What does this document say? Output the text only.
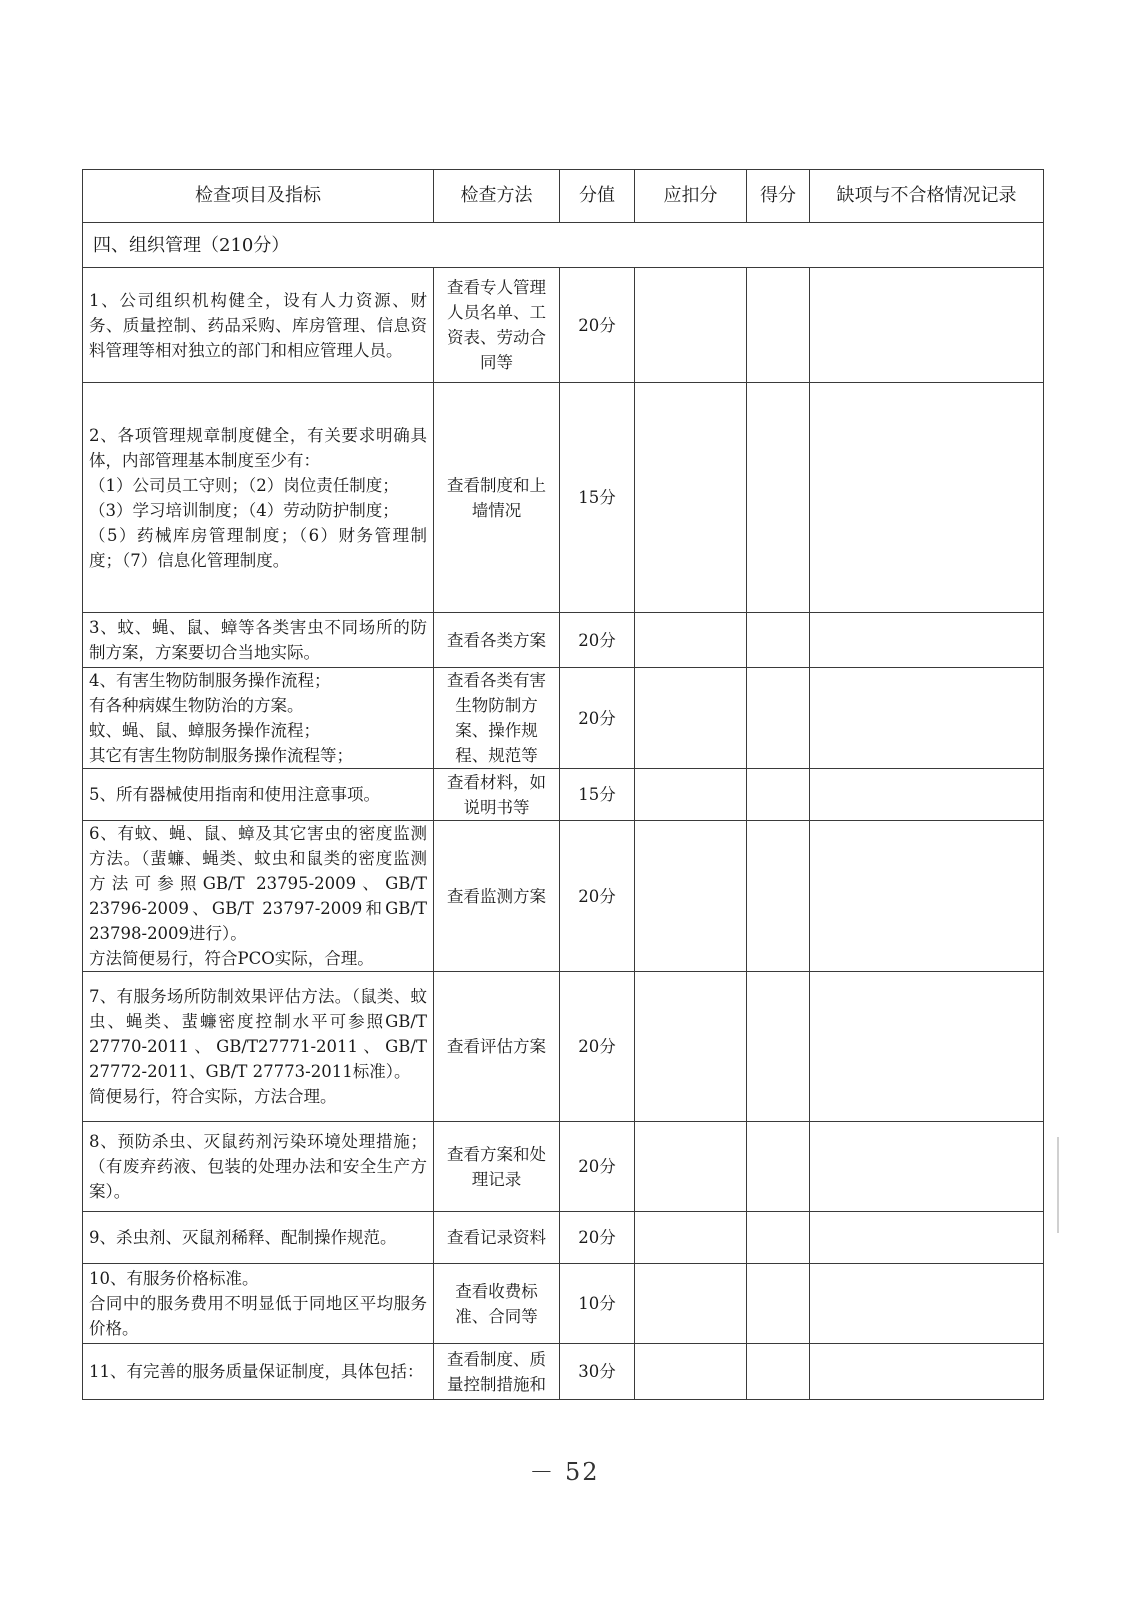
检查项目及指标	检查方法	分值	应扣分	得分	缺项与不合格情况记录
四、组织管理（210分）					

1、公司组织机构健全，设有人力资源、财务、质量控制、药品采购、库房管理、信息资料管理等相对独立的部门和相应管理人员。	查看专人管理人员名单、工资表、劳动合同等	20分			

2、各项管理规章制度健全，有关要求明确具体，内部管理基本制度至少有：
（1）公司员工守则；（2）岗位责任制度；
（3）学习培训制度；（4）劳动防护制度；
（5）药械库房管理制度；（6）财务管理制度；（7）信息化管理制度。	查看制度和上墙情况	15分			

3、蚊、蝇、鼠、蟑等各类害虫不同场所的防制方案，方案要切合当地实际。	查看各类方案	20分			

4、有害生物防制服务操作流程；
有各种病媒生物防治的方案。
蚊、蝇、鼠、蟑服务操作流程；
其它有害生物防制服务操作流程等；	查看各类有害生物防制方案、操作规程、规范等	20分			

5、所有器械使用指南和使用注意事项。	查看材料，如说明书等	15分			

6、有蚊、蝇、鼠、蟑及其它害虫的密度监测方法。（蜚蠊、蝇类、蚊虫和鼠类的密度监测方法可参照GB/T 23795-2009、GB/T 23796-2009、GB/T 23797-2009和GB/T 23798-2009进行）。
方法简便易行，符合PCO实际，合理。	查看监测方案	20分			

7、有服务场所防制效果评估方法。（鼠类、蚊虫、蝇类、蜚蠊密度控制水平可参照GB/T 27770-2011、GB/T27771-2011、GB/T 27772-2011、GB/T 27773-2011标准）。
简便易行，符合实际，方法合理。	查看评估方案	20分			

8、预防杀虫、灭鼠药剂污染环境处理措施；（有废弃药液、包装的处理办法和安全生产方案）。	查看方案和处理记录	20分			

9、杀虫剂、灭鼠剂稀释、配制操作规范。	查看记录资料	20分			

10、有服务价格标准。
合同中的服务费用不明显低于同地区平均服务价格。	查看收费标准、合同等	10分			

11、有完善的服务质量保证制度，具体包括：	查看制度、质量控制措施和	30分			
－ 52
